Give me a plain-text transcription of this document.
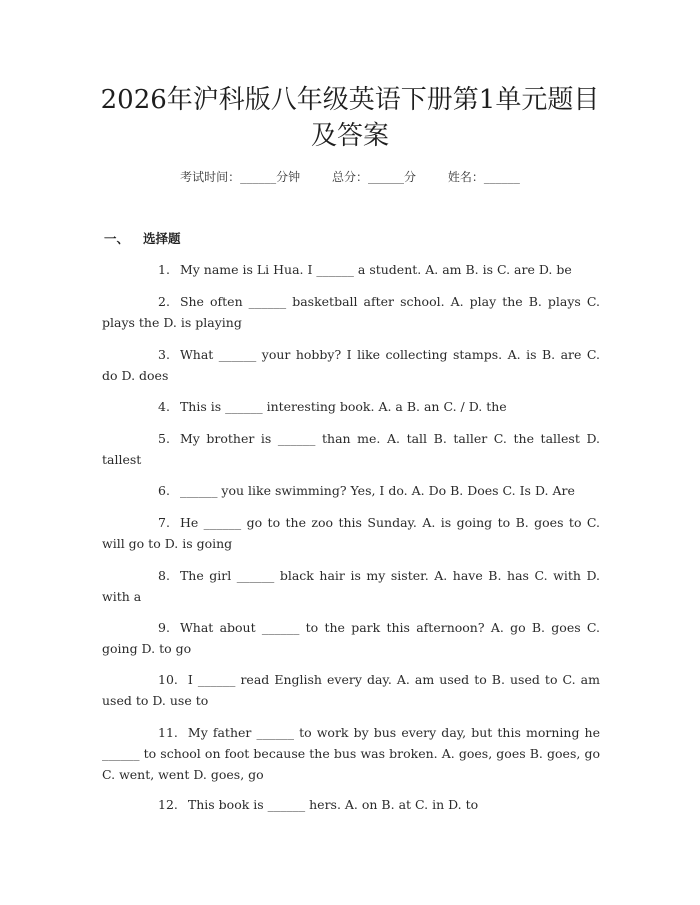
2026年沪科版八年级英语下册第1单元题目
及答案
考试时间：______分钟	总分：______分	姓名：______
一、 选择题

1. My name is Li Hua. I ______ a student. A. am B. is C. are D. be

2. She often ______ basketball after school. A. play the B. plays C. plays the D. is playing

3. What ______ your hobby? I like collecting stamps. A. is B. are C. do D. does

4. This is ______ interesting book. A. a B. an C. / D. the

5. My brother is ______ than me. A. tall B. taller C. the tallest D. tallest

6. ______ you like swimming? Yes, I do. A. Do B. Does C. Is D. Are

7. He ______ go to the zoo this Sunday. A. is going to B. goes to C. will go to D. is going

8. The girl ______ black hair is my sister. A. have B. has C. with D. with a

9. What about ______ to the park this afternoon? A. go B. goes C. going D. to go

10. I ______ read English every day. A. am used to B. used to C. am used to D. use to

11. My father ______ to work by bus every day, but this morning he ______ to school on foot because the bus was broken. A. goes, goes B. goes, go C. went, went D. goes, go

12. This book is ______ hers. A. on B. at C. in D. to
